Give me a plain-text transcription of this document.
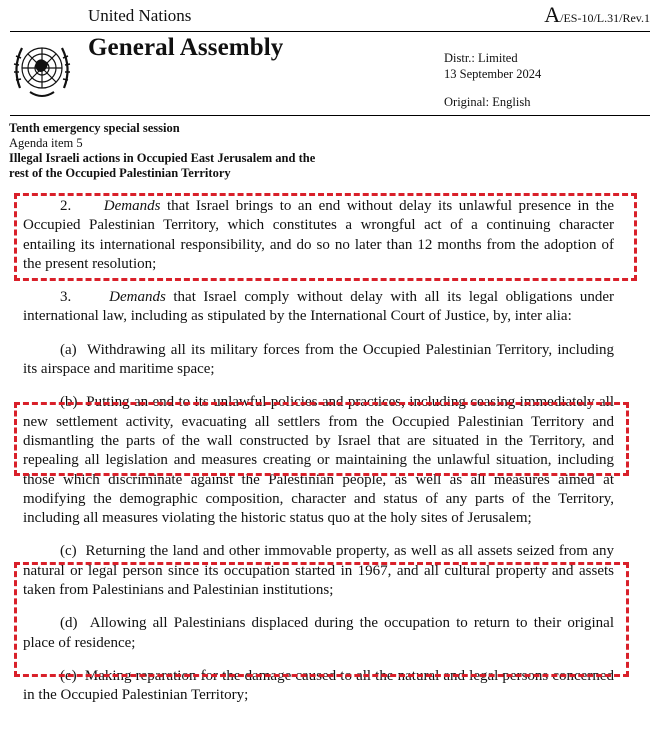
United Nations	A/ES-10/L.31/Rev.1
General Assembly	Distr.: Limited
13 September 2024
Original: English
Tenth emergency special session
Agenda item 5
Illegal Israeli actions in Occupied East Jerusalem and the
rest of the Occupied Palestinian Territory

2. Demands that Israel brings to an end without delay its unlawful presence in the Occupied Palestinian Territory, which constitutes a wrongful act of a continuing character entailing its international responsibility, and do so no later than 12 months from the adoption of the present resolution;

3.	Demands that Israel comply without delay with all its legal obligations under international law, including as stipulated by the International Court of Justice, by, inter alia:

(a)  Withdrawing all its military forces from the Occupied Palestinian Territory, including its airspace and maritime space;

(b)  Putting an end to its unlawful policies and practices, including ceasing immediately all new settlement activity, evacuating all settlers from the Occupied Palestinian Territory and dismantling the parts of the wall constructed by Israel that are situated in the Territory, and repealing all legislation and measures creating or maintaining the unlawful situation, including those which discriminate against the Palestinian people, as well as all measures aimed at modifying the demographic composition, character and status of any parts of the Territory, including all measures violating the historic status quo at the holy sites of Jerusalem;

(c)  Returning the land and other immovable property, as well as all assets seized from any natural or legal person since its occupation started in 1967, and all cultural property and assets taken from Palestinians and Palestinian institutions;

(d)  Allowing all Palestinians displaced during the occupation to return to their original place of residence;

(e)  Making reparation for the damage caused to all the natural and legal persons concerned in the Occupied Palestinian Territory;
